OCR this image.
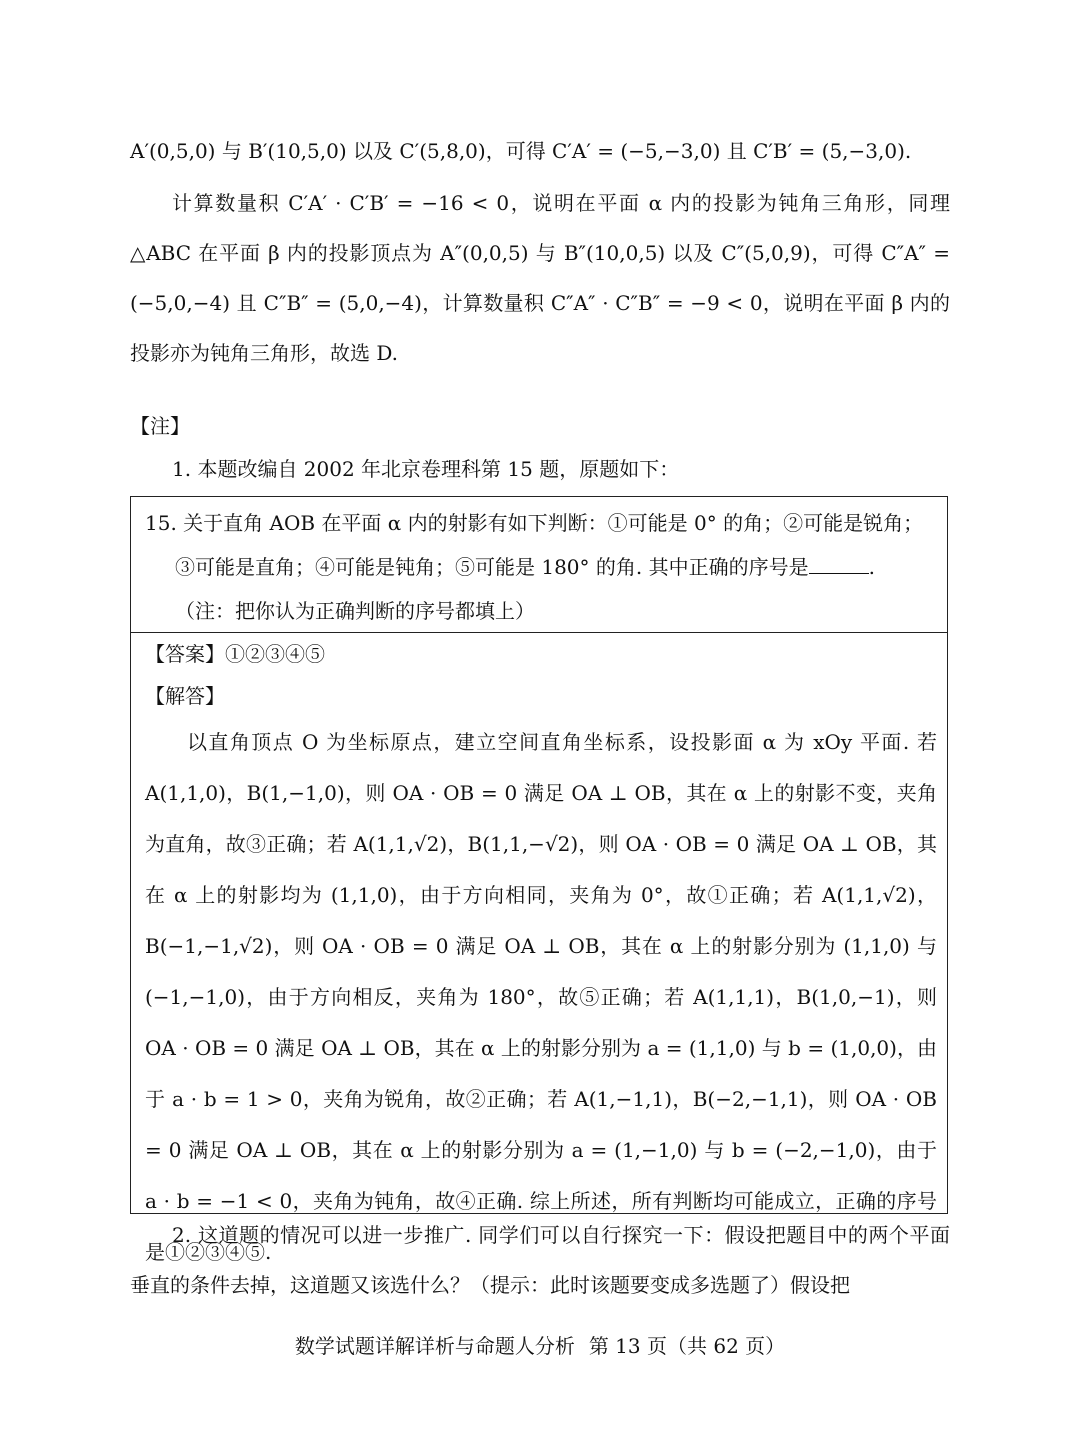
A′(0,5,0) 与 B′(10,5,0) 以及 C′(5,8,0)，可得 C′A′ = (−5,−3,0) 且 C′B′ = (5,−3,0).

计算数量积 C′A′ · C′B′ = −16 < 0，说明在平面 α 内的投影为钝角三角形，同理 △ABC 在平面 β 内的投影顶点为 A″(0,0,5) 与 B″(10,0,5) 以及 C″(5,0,9)，可得 C″A″ = (−5,0,−4) 且 C″B″ = (5,0,−4)，计算数量积 C″A″ · C″B″ = −9 < 0，说明在平面 β 内的投影亦为钝角三角形，故选 D.

【注】

1. 本题改编自 2002 年北京卷理科第 15 题，原题如下：

15. 关于直角 AOB 在平面 α 内的射影有如下判断：①可能是 0° 的角；②可能是锐角；

③可能是直角；④可能是钝角；⑤可能是 180° 的角. 其中正确的序号是	.

（注：把你认为正确判断的序号都填上）

【答案】①②③④⑤

【解答】

以直角顶点 O 为坐标原点，建立空间直角坐标系，设投影面 α 为 xOy 平面. 若 A(1,1,0)，B(1,−1,0)，则 OA · OB = 0 满足 OA ⊥ OB，其在 α 上的射影不变，夹角为直角，故③正确；若 A(1,1,√2)，B(1,1,−√2)，则 OA · OB = 0 满足 OA ⊥ OB，其在 α 上的射影均为 (1,1,0)，由于方向相同，夹角为 0°，故①正确；若 A(1,1,√2)，B(−1,−1,√2)，则 OA · OB = 0 满足 OA ⊥ OB，其在 α 上的射影分别为 (1,1,0) 与 (−1,−1,0)，由于方向相反，夹角为 180°，故⑤正确；若 A(1,1,1)，B(1,0,−1)，则 OA · OB = 0 满足 OA ⊥ OB，其在 α 上的射影分别为 a = (1,1,0) 与 b = (1,0,0)，由于 a · b = 1 > 0，夹角为锐角，故②正确；若 A(1,−1,1)，B(−2,−1,1)，则 OA · OB = 0 满足 OA ⊥ OB，其在 α 上的射影分别为 a = (1,−1,0) 与 b = (−2,−1,0)，由于 a · b = −1 < 0，夹角为钝角，故④正确. 综上所述，所有判断均可能成立，正确的序号是①②③④⑤.

2. 这道题的情况可以进一步推广. 同学们可以自行探究一下：假设把题目中的两个平面垂直的条件去掉，这道题又该选什么？（提示：此时该题要变成多选题了）假设把

数学试题详解详析与命题人分析 第 13 页（共 62 页）
